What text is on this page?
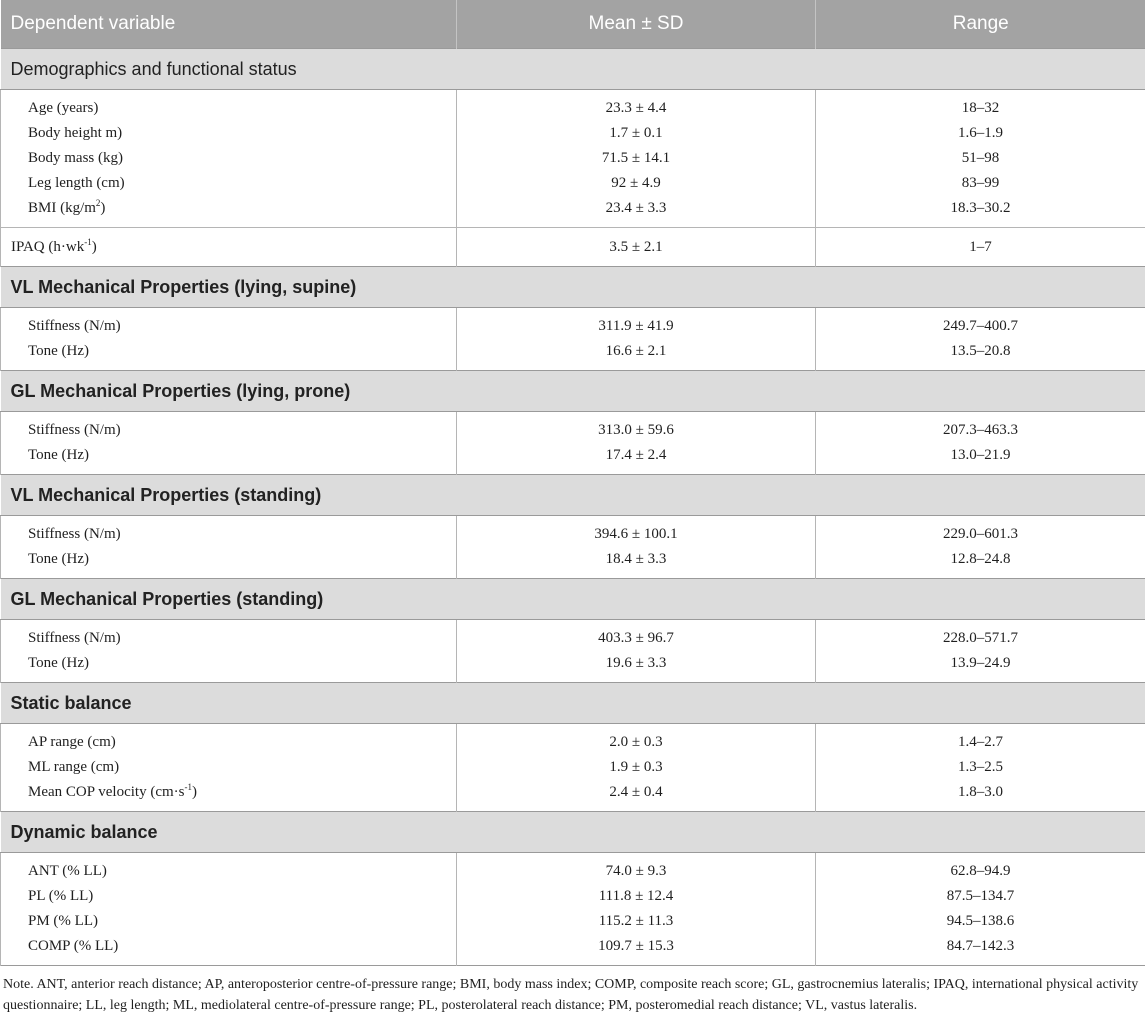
Dependent variable	Mean ± SD	Range
Demographics and functional status		
Age (years)	23.3 ± 4.4	18–32
Body height m)	1.7 ± 0.1	1.6–1.9
Body mass (kg)	71.5 ± 14.1	51–98
Leg length (cm)	92 ± 4.9	83–99
BMI $(kg/m^2)$	23.4 ± 3.3	18.3–30.2
IPAQ $(h\cdot wk^{-1})$	3.5 ± 2.1	1–7
VL Mechanical Properties (lying, supine)		
Stiffness (N/m)	311.9 ± 41.9	249.7–400.7
Tone (Hz)	16.6 ± 2.1	13.5–20.8
GL Mechanical Properties (lying, prone)		
Stiffness (N/m)	313.0 ± 59.6	207.3–463.3
Tone (Hz)	17.4 ± 2.4	13.0–21.9
VL Mechanical Properties (standing)		
Stiffness (N/m)	394.6 ± 100.1	229.0–601.3
Tone (Hz)	18.4 ± 3.3	12.8–24.8
GL Mechanical Properties (standing)		
Stiffness (N/m)	403.3 ± 96.7	228.0–571.7
Tone (Hz)	19.6 ± 3.3	13.9–24.9
Static balance		
AP range (cm)	2.0 ± 0.3	1.4–2.7
ML range (cm)	1.9 ± 0.3	1.3–2.5
Mean COP velocity $(cm\cdot s^{-1})$	2.4 ± 0.4	1.8–3.0
Dynamic balance		
ANT (% LL)	74.0 ± 9.3	62.8–94.9
PL (% LL)	111.8 ± 12.4	87.5–134.7
PM (% LL)	115.2 ± 11.3	94.5–138.6
COMP (% LL)	109.7 ± 15.3	84.7–142.3
Note. ANT, anterior reach distance; AP, anteroposterior centre-of-pressure range; BMI, body mass index; COMP, composite reach score; GL, gastrocnemius lateralis; IPAQ, international physical activity questionnaire; LL, leg length; ML, mediolateral centre-of-pressure range; PL, posterolateral reach distance; PM, posteromedial reach distance; VL, vastus lateralis.
